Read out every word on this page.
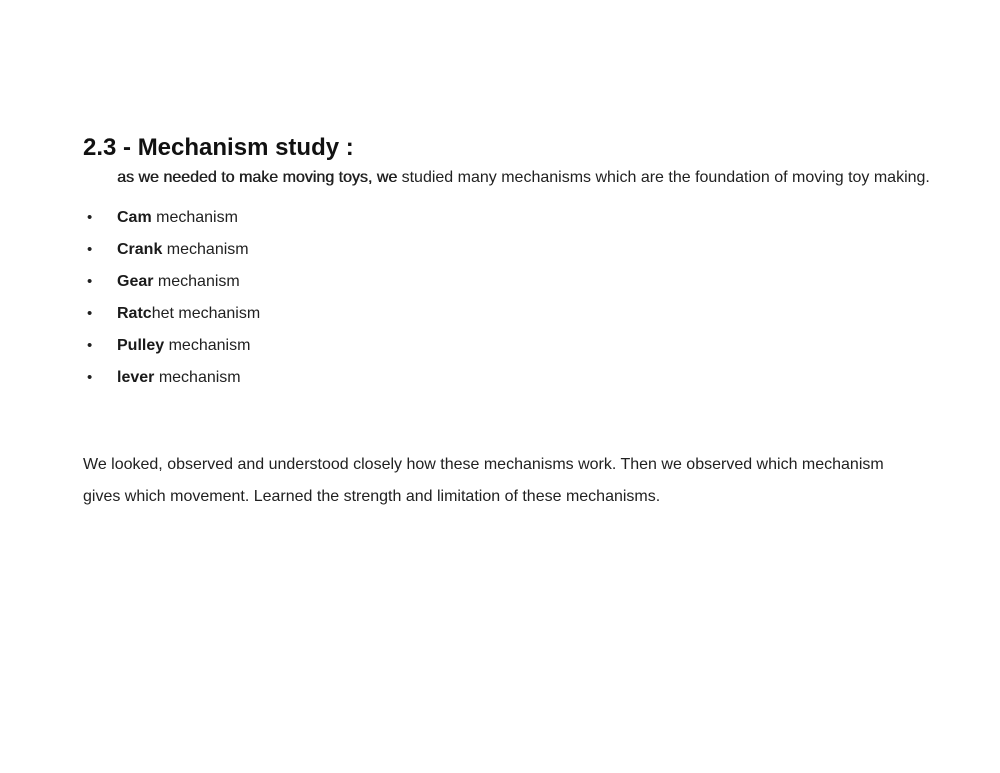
2.3 - Mechanism study :

as we needed to make moving toys, we studied many mechanisms which are the foundation of moving toy making.

• Cam mechanism
• Crank mechanism
• Gear mechanism
• Ratchet mechanism
• Pulley mechanism
• lever mechanism

We looked, observed and understood closely how these mechanisms work. Then we observed which mechanism gives which movement. Learned the strength and limitation of these mechanisms.
